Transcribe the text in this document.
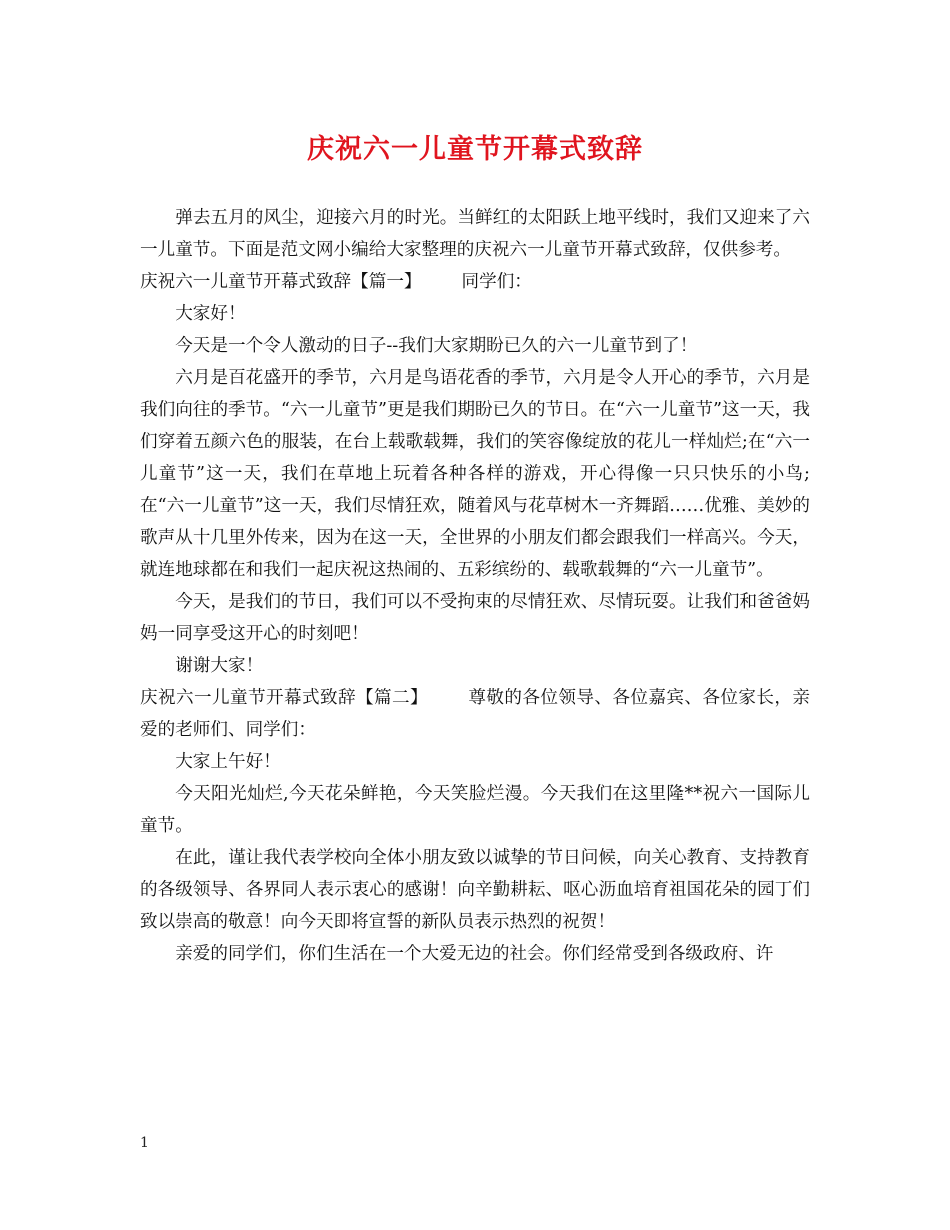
庆祝六一儿童节开幕式致辞

弹去五月的风尘，迎接六月的时光。当鲜红的太阳跃上地平线时，我们又迎来了六一儿童节。下面是范文网小编给大家整理的庆祝六一儿童节开幕式致辞，仅供参考。

庆祝六一儿童节开幕式致辞【篇一】 同学们：

大家好！

今天是一个令人激动的日子--我们大家期盼已久的六一儿童节到了！

六月是百花盛开的季节，六月是鸟语花香的季节，六月是令人开心的季节，六月是我们向往的季节。“六一儿童节”更是我们期盼已久的节日。在“六一儿童节”这一天，我们穿着五颜六色的服装，在台上载歌载舞，我们的笑容像绽放的花儿一样灿烂;在“六一儿童节”这一天，我们在草地上玩着各种各样的游戏，开心得像一只只快乐的小鸟;在“六一儿童节”这一天，我们尽情狂欢，随着风与花草树木一齐舞蹈……优雅、美妙的歌声从十几里外传来，因为在这一天，全世界的小朋友们都会跟我们一样高兴。今天，就连地球都在和我们一起庆祝这热闹的、五彩缤纷的、载歌载舞的“六一儿童节”。

今天，是我们的节日，我们可以不受拘束的尽情狂欢、尽情玩耍。让我们和爸爸妈妈一同享受这开心的时刻吧！

谢谢大家！

庆祝六一儿童节开幕式致辞【篇二】 尊敬的各位领导、各位嘉宾、各位家长，亲爱的老师们、同学们：

大家上午好！

今天阳光灿烂,今天花朵鲜艳，今天笑脸烂漫。今天我们在这里隆**祝六一国际儿童节。

在此，谨让我代表学校向全体小朋友致以诚挚的节日问候，向关心教育、支持教育的各级领导、各界同人表示衷心的感谢！向辛勤耕耘、呕心沥血培育祖国花朵的园丁们致以崇高的敬意！向今天即将宣誓的新队员表示热烈的祝贺！

亲爱的同学们，你们生活在一个大爱无边的社会。你们经常受到各级政府、许

1
